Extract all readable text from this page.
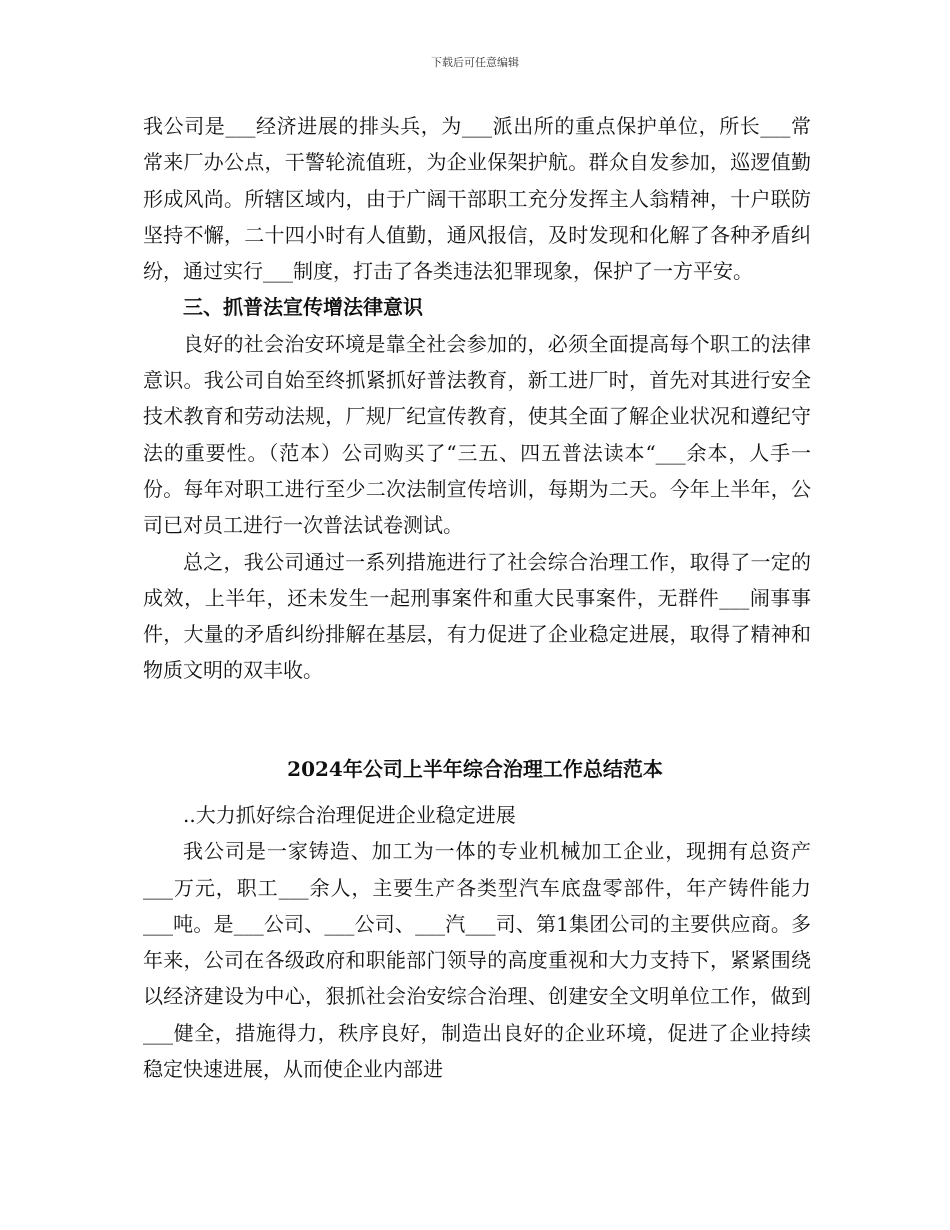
下载后可任意编辑
我公司是___经济进展的排头兵，为___派出所的重点保护单位，所长___常常来厂办公点，干警轮流值班，为企业保架护航。群众自发参加，巡逻值勤形成风尚。所辖区域内，由于广阔干部职工充分发挥主人翁精神，十户联防坚持不懈，二十四小时有人值勤，通风报信，及时发现和化解了各种矛盾纠纷，通过实行___制度，打击了各类违法犯罪现象，保护了一方平安。
三、抓普法宣传增法律意识
良好的社会治安环境是靠全社会参加的，必须全面提高每个职工的法律意识。我公司自始至终抓紧抓好普法教育，新工进厂时，首先对其进行安全技术教育和劳动法规，厂规厂纪宣传教育，使其全面了解企业状况和遵纪守法的重要性。（范本）公司购买了“三五、四五普法读本“___余本，人手一份。每年对职工进行至少二次法制宣传培训，每期为二天。今年上半年，公司已对员工进行一次普法试卷测试。
总之，我公司通过一系列措施进行了社会综合治理工作，取得了一定的成效，上半年，还未发生一起刑事案件和重大民事案件，无群件___闹事事件，大量的矛盾纠纷排解在基层，有力促进了企业稳定进展，取得了精神和物质文明的双丰收。
2024年公司上半年综合治理工作总结范本
..大力抓好综合治理促进企业稳定进展
我公司是一家铸造、加工为一体的专业机械加工企业，现拥有总资产___万元，职工___余人，主要生产各类型汽车底盘零部件，年产铸件能力___吨。是___公司、___公司、___汽___司、第1集团公司的主要供应商。多年来，公司在各级政府和职能部门领导的高度重视和大力支持下，紧紧围绕以经济建设为中心，狠抓社会治安综合治理、创建安全文明单位工作，做到___健全，措施得力，秩序良好，制造出良好的企业环境，促进了企业持续稳定快速进展，从而使企业内部进
